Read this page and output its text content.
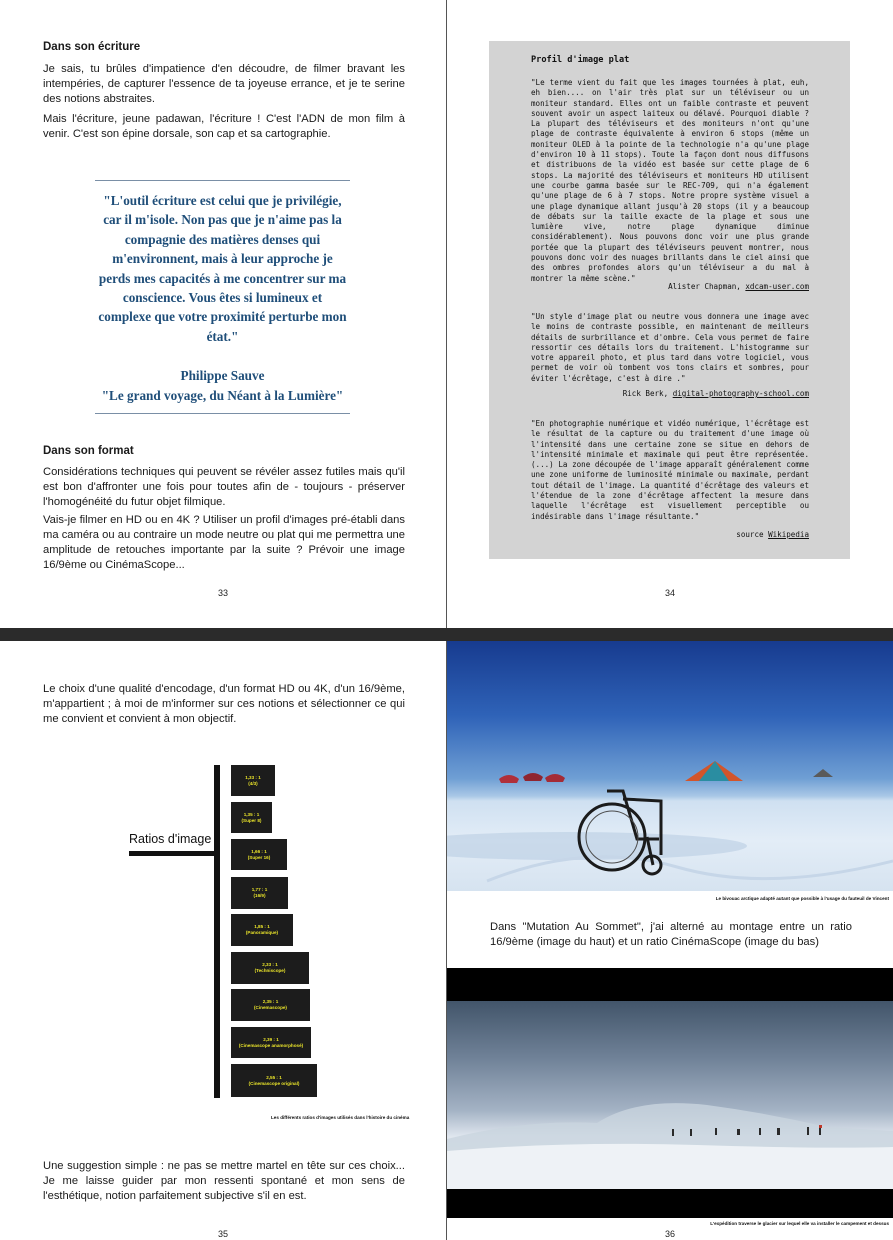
Dans son écriture

Je sais, tu brûles d'impatience d'en découdre, de filmer bravant les intempéries, de capturer l'essence de ta joyeuse errance, et je te serine des notions abstraites.

Mais l'écriture, jeune padawan, l'écriture ! C'est l'ADN de mon film à venir. C'est son épine dorsale, son cap et sa cartographie.

"L'outil écriture est celui que je privilégie, car il m'isole. Non pas que je n'aime pas la compagnie des matières denses qui m'environnent, mais à leur approche je perds mes capacités à me concentrer sur ma conscience. Vous êtes si lumineux et complexe que votre proximité perturbe mon état."

Philippe Sauve

"Le grand voyage, du Néant à la Lumière"

Dans son format

Considérations techniques qui peuvent se révéler assez futiles mais qu'il est bon d'affronter une fois pour toutes afin de - toujours - préserver l'homogénéité du futur objet filmique.

Vais-je filmer en HD ou en 4K ? Utiliser un profil d'images pré-établi dans ma caméra ou au contraire un mode neutre ou plat qui me permettra une amplitude de retouches importante par la suite ? Prévoir une image 16/9ème ou CinémaScope...

33
Profil d'image plat

"Le terme vient du fait que les images tournées à plat, euh, eh bien.... on l'air très plat sur un téléviseur ou un moniteur standard. Elles ont un faible contraste et peuvent souvent avoir un aspect laiteux ou délavé. Pourquoi diable ? La plupart des téléviseurs et des moniteurs n'ont qu'une plage de contraste équivalente à environ 6 stops (même un moniteur OLED à la pointe de la technologie n'a qu'une plage d'environ 10 à 11 stops). Toute la façon dont nous diffusons et distribuons de la vidéo est basée sur cette plage de 6 stops. La majorité des téléviseurs et moniteurs HD utilisent une courbe gamma basée sur le REC-709, qui n'a également qu'une plage de 6 à 7 stops. Notre propre système visuel a une plage dynamique allant jusqu'à 20 stops (il y a beaucoup de débats sur la taille exacte de la plage et sous une lumière vive, notre plage dynamique diminue considérablement). Nous pouvons donc voir une plus grande portée que la plupart des téléviseurs peuvent montrer, nous pouvons donc voir des nuages brillants dans le ciel ainsi que des ombres profondes alors qu'un téléviseur a du mal à montrer la même scène."

Alister Chapman, xdcam-user.com

"Un style d'image plat ou neutre vous donnera une image avec le moins de contraste possible, en maintenant de meilleurs détails de surbrillance et d'ombre. Cela vous permet de faire ressortir ces détails lors du traitement. L'histogramme sur votre appareil photo, et plus tard dans votre logiciel, vous permet de voir où tombent vos tons clairs et sombres, pour éviter l'écrêtage, c'est à dire ."

Rick Berk, digital-photography-school.com

"En photographie numérique et vidéo numérique, l'écrêtage est le résultat de la capture ou du traitement d'une image où l'intensité dans une certaine zone se situe en dehors de l'intensité minimale et maximale qui peut être représentée. (...) La zone découpée de l'image apparaît généralement comme une zone uniforme de luminosité minimale ou maximale, perdant tout détail de l'image. La quantité d'écrêtage des valeurs et l'étendue de la zone d'écrêtage affectent la mesure dans laquelle l'écrêtage est visuellement perceptible ou indésirable dans l'image résultante."

source Wikipedia
34

Le choix d'une qualité d'encodage, d'un format HD ou 4K, d'un 16/9ème, m'appartient ; à moi de m'informer sur ces notions et sélectionner ce qui me convient et convient à mon objectif.

Ratios d'image
1,33 : 1
(4/3)
1,35 : 1
(Super 8)
1,66 : 1
(Super 16)
1,77 : 1
(16/9)
1,85 : 1
(Panoramique)
2,33 : 1
(Techniscope)
2,35 : 1
(Cinemascope)
2,39 : 1
(Cinemascope anamorphosé)
2,55 : 1
(Cinemascope original)
Les différents ratios d'images utilisés dans l'histoire du cinéma

Une suggestion simple : ne pas se mettre martel en tête sur ces choix... Je me laisse guider par mon ressenti spontané et mon sens de l'esthétique, notion parfaitement subjective s'il en est.

35
Le bivouac arctique adapté autant que possible à l'usage du fauteuil de Vincent

Dans "Mutation Au Sommet", j'ai alterné au montage entre un ratio 16/9ème (image du haut) et un ratio CinémaScope (image du bas)

L'expédition traverse le glacier sur lequel elle va installer le campement et dessus
36
